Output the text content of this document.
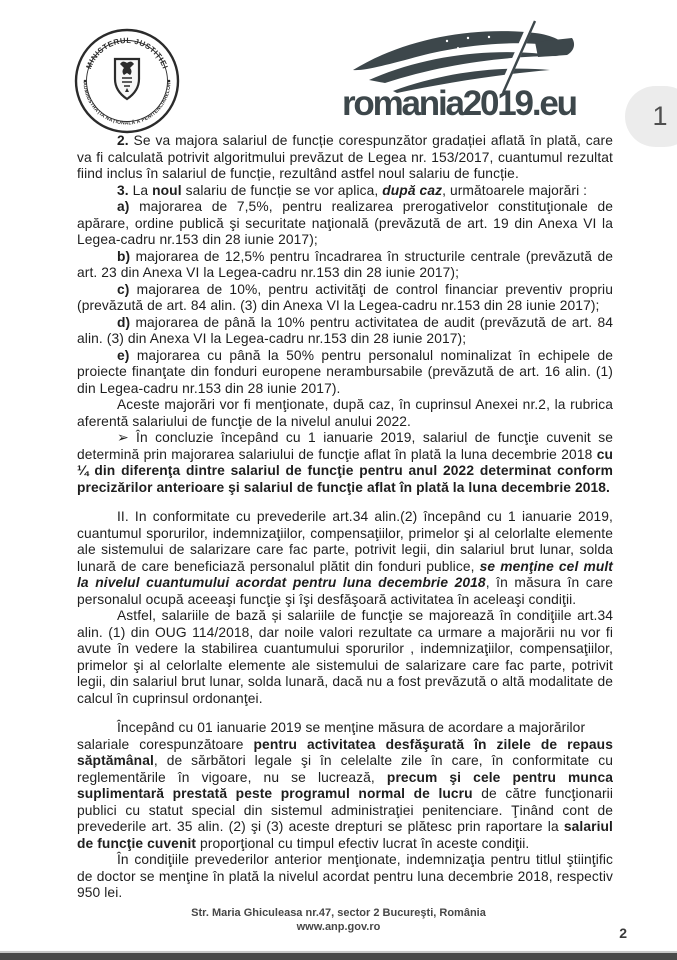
MINISTERUL JUSTIȚIEI
ADMINISTRAȚIA NAȚIONALĂ A PENITENCIARELOR	romania2019.eu	1

2. Se va majora salariul de funcție corespunzător gradației aflată în plată, care va fi calculată potrivit algoritmului prevăzut de Legea nr. 153/2017, cuantumul rezultat fiind inclus în salariul de funcție, rezultând astfel noul salariu de funcție.

3. La noul salariu de funcție se vor aplica, după caz, următoarele majorări :

a) majorarea de 7,5%, pentru realizarea prerogativelor constituţionale de apărare, ordine publică şi securitate naţională (prevăzută de art. 19 din Anexa VI la Legea-cadru nr.153 din 28 iunie 2017);

b) majorarea de 12,5% pentru încadrarea în structurile centrale (prevăzută de art. 23 din Anexa VI la Legea-cadru nr.153 din 28 iunie 2017);

c) majorarea de 10%, pentru activităţi de control financiar preventiv propriu (prevăzută de art. 84 alin. (3) din Anexa VI la Legea-cadru nr.153 din 28 iunie 2017);

d) majorarea de până la 10% pentru activitatea de audit (prevăzută de art. 84 alin. (3) din Anexa VI la Legea-cadru nr.153 din 28 iunie 2017);

e) majorarea cu până la 50% pentru personalul nominalizat în echipele de proiecte finanţate din fonduri europene nerambursabile (prevăzută de art. 16 alin. (1) din Legea-cadru nr.153 din 28 iunie 2017).

Aceste majorări vor fi menţionate, după caz, în cuprinsul Anexei nr.2, la rubrica aferentă salariului de funcţie de la nivelul anului 2022.

➢ În concluzie începând cu 1 ianuarie 2019, salariul de funcţie cuvenit se determină prin majorarea salariului de funcţie aflat în plată la luna decembrie 2018 cu ¼ din diferenţa dintre salariul de funcţie pentru anul 2022 determinat conform precizărilor anterioare şi salariul de funcţie aflat în plată la luna decembrie 2018.

II. In conformitate cu prevederile art.34 alin.(2) începând cu 1 ianuarie 2019, cuantumul sporurilor, indemnizaţiilor, compensaţiilor, primelor şi al celorlalte elemente ale sistemului de salarizare care fac parte, potrivit legii, din salariul brut lunar, solda lunară de care beneficiază personalul plătit din fonduri publice, se menţine cel mult la nivelul cuantumului acordat pentru luna decembrie 2018, în măsura în care personalul ocupă aceeaşi funcţie şi îşi desfăşoară activitatea în aceleaşi condiţii.

Astfel, salariile de bază și salariile de funcţie se majorează în condiţiile art.34 alin. (1) din OUG 114/2018, dar noile valori rezultate ca urmare a majorării nu vor fi avute în vedere la stabilirea cuantumului sporurilor , indemnizaţiilor, compensaţiilor, primelor şi al celorlalte elemente ale sistemului de salarizare care fac parte, potrivit legii, din salariul brut lunar, solda lunară, dacă nu a fost prevăzută o altă modalitate de calcul în cuprinsul ordonanţei.

Începând cu 01 ianuarie 2019 se menţine măsura de acordare a majorărilor

salariale corespunzătoare pentru activitatea desfăşurată în zilele de repaus săptămânal, de sărbători legale şi în celelalte zile în care, în conformitate cu reglementările în vigoare, nu se lucrează, precum şi cele pentru munca suplimentară prestată peste programul normal de lucru de către funcţionarii publici cu statut special din sistemul administraţiei penitenciare. Ţinând cont de prevederile art. 35 alin. (2) şi (3) aceste drepturi se plătesc prin raportare la salariul de funcţie cuvenit proporţional cu timpul efectiv lucrat în aceste condiţii.

În condiţiile prevederilor anterior menţionate, indemnizaţia pentru titlul ştiinţific de doctor se menţine în plată la nivelul acordat pentru luna decembrie 2018, respectiv 950 lei.

Str. Maria Ghiculeasa nr.47, sector 2 Bucureşti, România
www.anp.gov.ro	2
